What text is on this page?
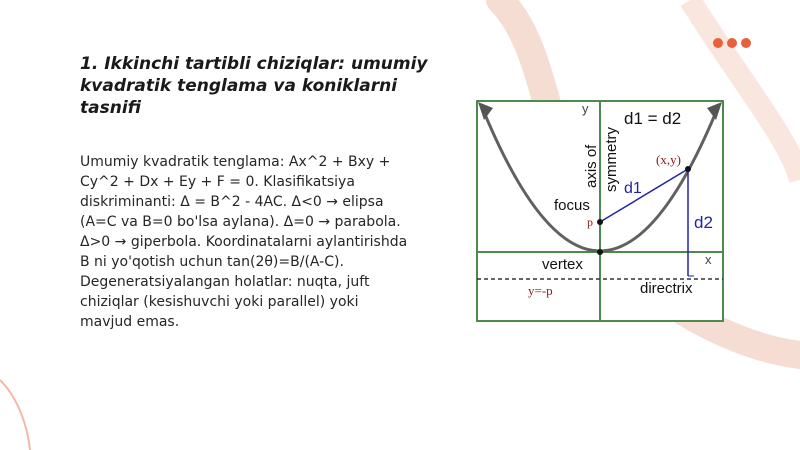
1. Ikkinchi tartibli chiziqlar: umumiy kvadratik tenglama va koniklarni tasnifi

Umumiy kvadratik tenglama: Ax^2 + Bxy + Cy^2 + Dx + Ey + F = 0. Klasifikatsiya diskriminanti: Δ = B^2 - 4AC. Δ<0 → elipsa (A=C va B=0 bo'lsa aylana). Δ=0 → parabola. Δ>0 → giperbola. Koordinatalarni aylantirishda B ni yo'qotish uchun tan(2θ)=B/(A-C). Degeneratsiyalangan holatlar: nuqta, juft chiziqlar (kesishuvchi yoki parallel) yoki mavjud emas.

y
x
d1 = d2
axis of symmetry	(x,y)
d1
d2
focus
p
vertex
directrix
y=-p
